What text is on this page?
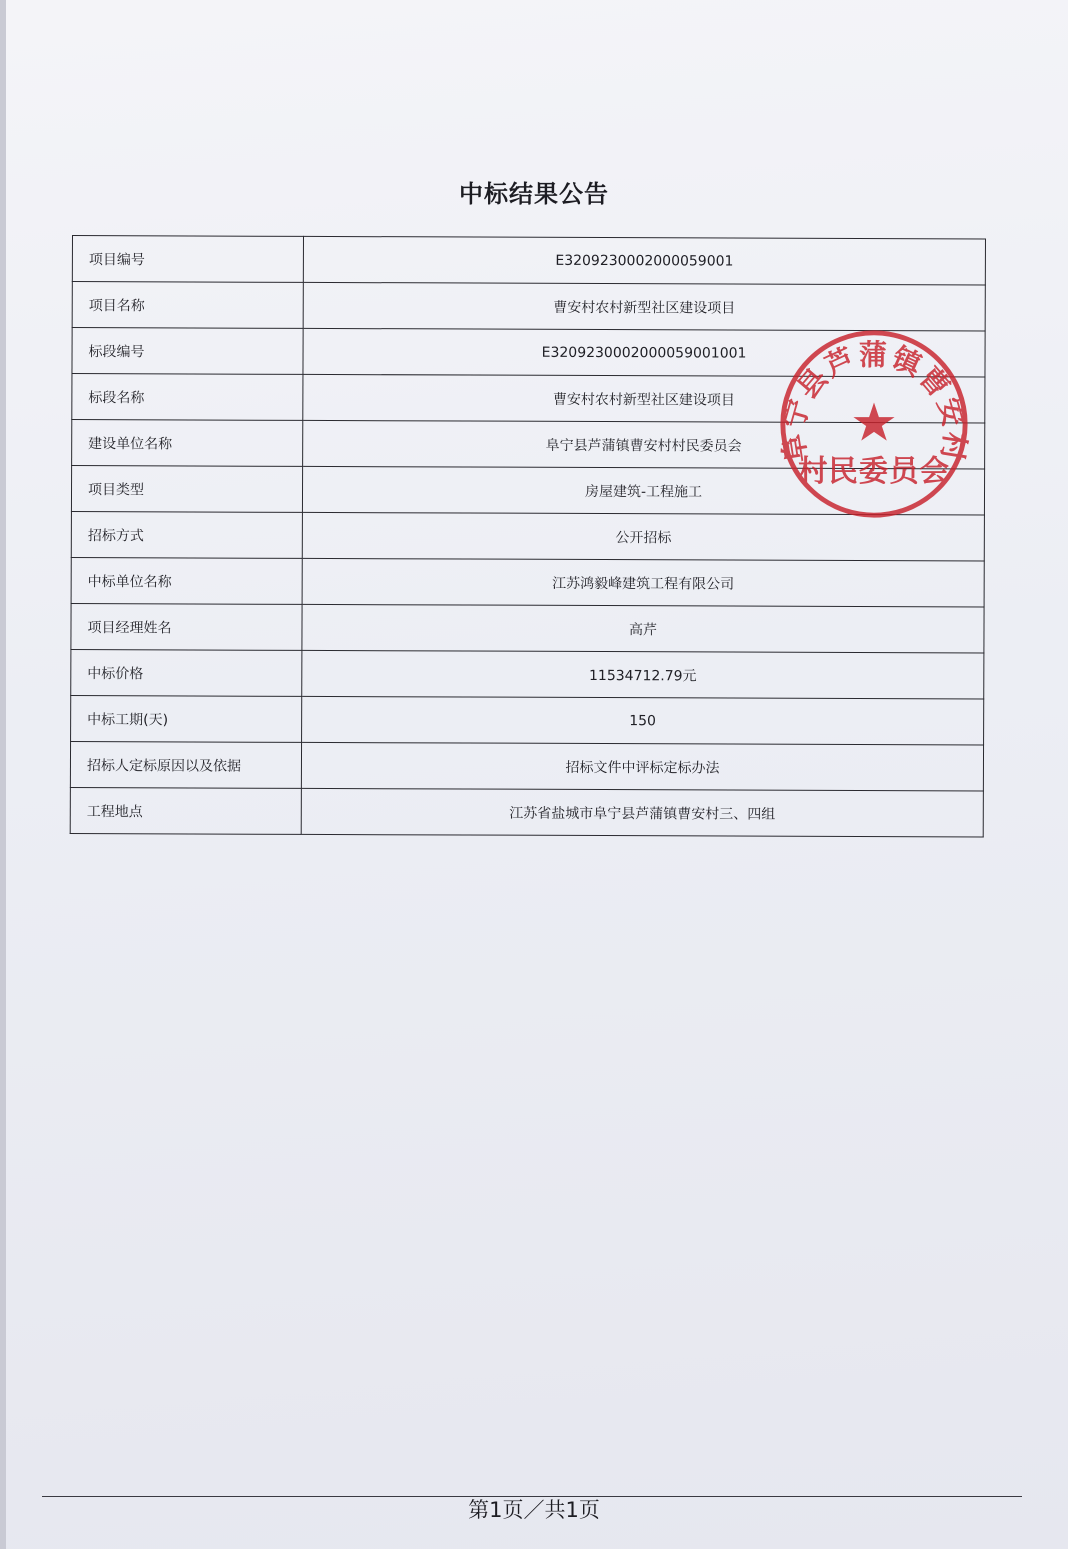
中标结果公告
项目编号	E3209230002000059001
项目名称	曹安村农村新型社区建设项目
标段编号	E3209230002000059001001
标段名称	曹安村农村新型社区建设项目
建设单位名称	阜宁县芦蒲镇曹安村村民委员会
项目类型	房屋建筑-工程施工
招标方式	公开招标
中标单位名称	江苏鸿毅峰建筑工程有限公司
项目经理姓名	高芹
中标价格	11534712.79元
中标工期(天)	150
招标人定标原因以及依据	招标文件中评标定标办法
工程地点	江苏省盐城市阜宁县芦蒲镇曹安村三、四组
阜宁县芦蒲镇曹安村
村民委员会
第1页／共1页
